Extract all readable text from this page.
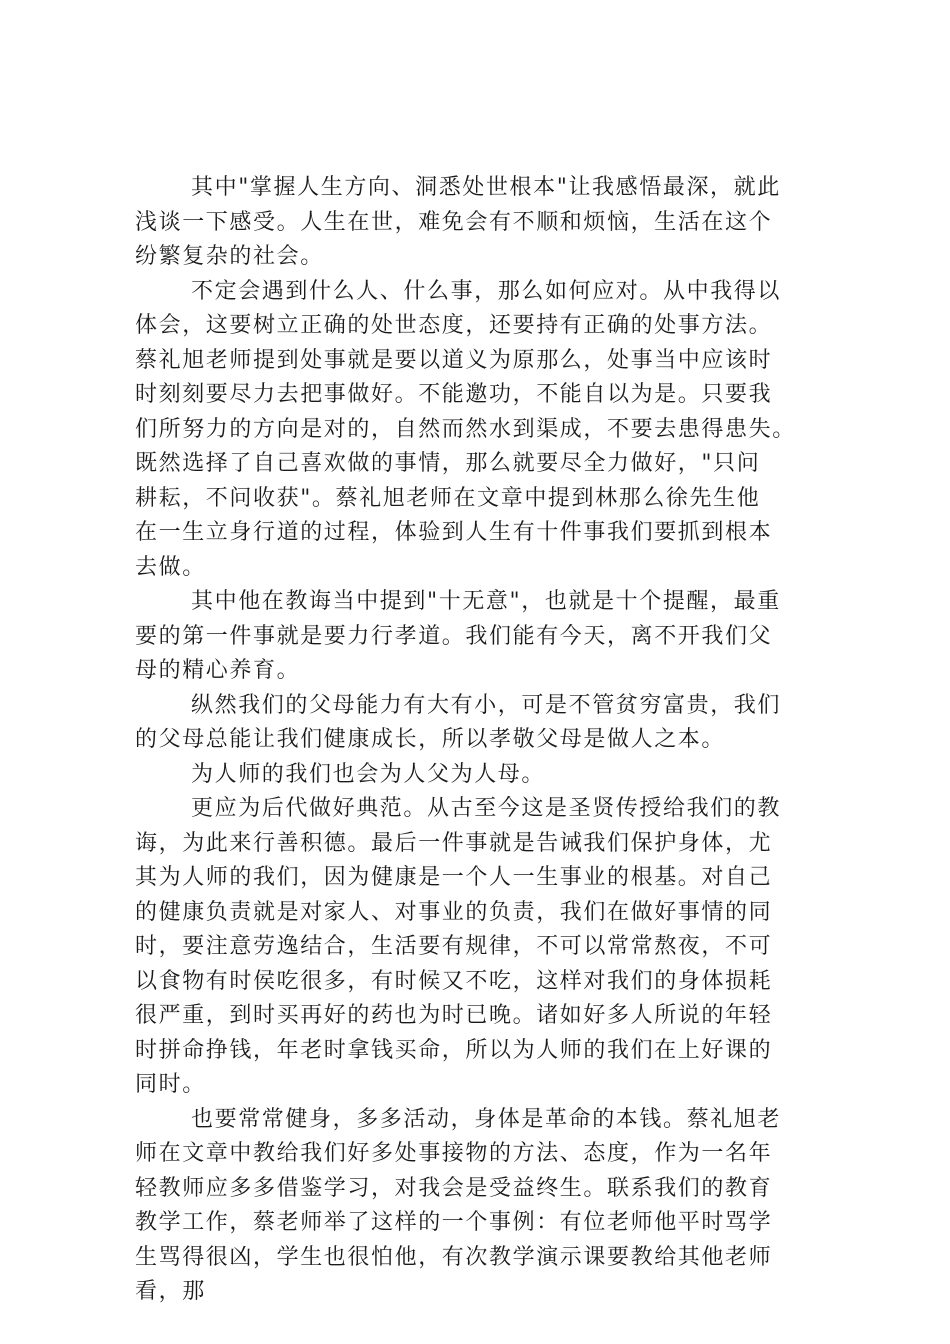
其中"掌握人生方向、洞悉处世根本"让我感悟最深，就此
浅谈一下感受。人生在世，难免会有不顺和烦恼，生活在这个
纷繁复杂的社会。
不定会遇到什么人、什么事，那么如何应对。从中我得以
体会，这要树立正确的处世态度，还要持有正确的处事方法。
蔡礼旭老师提到处事就是要以道义为原那么，处事当中应该时
时刻刻要尽力去把事做好。不能邀功，不能自以为是。只要我
们所努力的方向是对的，自然而然水到渠成，不要去患得患失。
既然选择了自己喜欢做的事情，那么就要尽全力做好，"只问
耕耘，不问收获"。蔡礼旭老师在文章中提到林那么徐先生他
在一生立身行道的过程，体验到人生有十件事我们要抓到根本
去做。
其中他在教诲当中提到"十无意"，也就是十个提醒，最重
要的第一件事就是要力行孝道。我们能有今天，离不开我们父
母的精心养育。
纵然我们的父母能力有大有小，可是不管贫穷富贵，我们
的父母总能让我们健康成长，所以孝敬父母是做人之本。
为人师的我们也会为人父为人母。
更应为后代做好典范。从古至今这是圣贤传授给我们的教
诲，为此来行善积德。最后一件事就是告诫我们保护身体，尤
其为人师的我们，因为健康是一个人一生事业的根基。对自己
的健康负责就是对家人、对事业的负责，我们在做好事情的同
时，要注意劳逸结合，生活要有规律，不可以常常熬夜，不可
以食物有时侯吃很多，有时候又不吃，这样对我们的身体损耗
很严重，到时买再好的药也为时已晚。诸如好多人所说的年轻
时拼命挣钱，年老时拿钱买命，所以为人师的我们在上好课的
同时。
也要常常健身，多多活动，身体是革命的本钱。蔡礼旭老
师在文章中教给我们好多处事接物的方法、态度，作为一名年
轻教师应多多借鉴学习，对我会是受益终生。联系我们的教育
教学工作，蔡老师举了这样的一个事例：有位老师他平时骂学
生骂得很凶，学生也很怕他，有次教学演示课要教给其他老师
看，那
